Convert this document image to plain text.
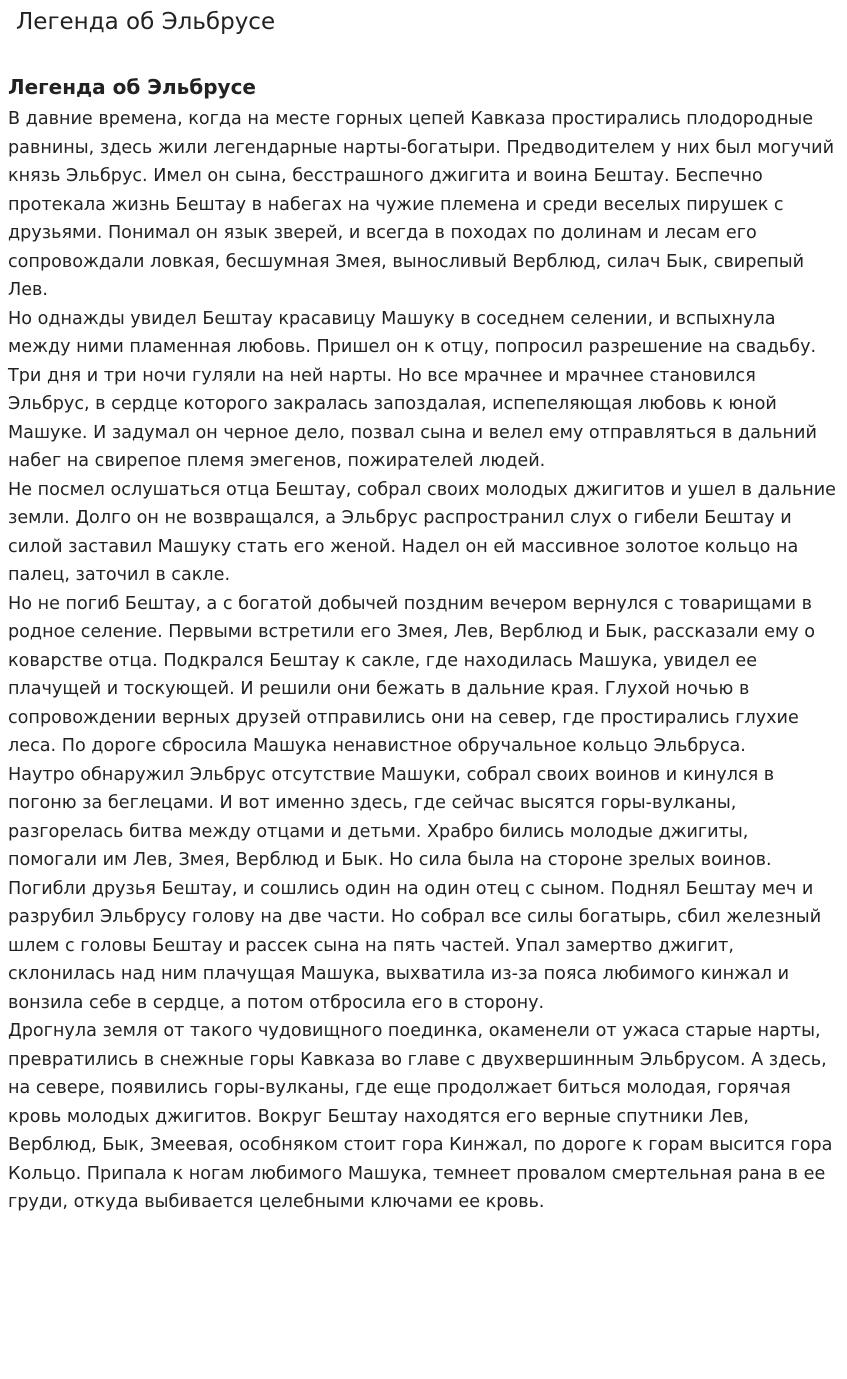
Легенда об Эльбрусе
Легенда об Эльбрусе

В давние времена, когда на месте горных цепей Кавказа простирались плодородные равнины, здесь жили легендарные нарты-богатыри. Предводителем у них был могучий князь Эльбрус. Имел он сына, бесстрашного джигита и воина Бештау. Беспечно протекала жизнь Бештау в набегах на чужие племена и среди веселых пирушек с друзьями. Понимал он язык зверей, и всегда в походах по долинам и лесам его сопровождали ловкая, бесшумная Змея, выносливый Верблюд, силач Бык, свирепый Лев.

Но однажды увидел Бештау красавицу Машуку в соседнем селении, и вспыхнула между ними пламенная любовь. Пришел он к отцу, попросил разрешение на свадьбу. Три дня и три ночи гуляли на ней нарты. Но все мрачнее и мрачнее становился Эльбрус, в сердце которого закралась запоздалая, испепеляющая любовь к юной Машуке. И задумал он черное дело, позвал сына и велел ему отправляться в дальний набег на свирепое племя эмегенов, пожирателей людей.

Не посмел ослушаться отца Бештау, собрал своих молодых джигитов и ушел в дальние земли. Долго он не возвращался, а Эльбрус распространил слух о гибели Бештау и силой заставил Машуку стать его женой. Надел он ей массивное золотое кольцо на палец, заточил в сакле.

Но не погиб Бештау, а с богатой добычей поздним вечером вернулся с товарищами в родное селение. Первыми встретили его Змея, Лев, Верблюд и Бык, рассказали ему о коварстве отца. Подкрался Бештау к сакле, где находилась Машука, увидел ее плачущей и тоскующей. И решили они бежать в дальние края. Глухой ночью в сопровождении верных друзей отправились они на север, где простирались глухие леса. По дороге сбросила Машука ненавистное обручальное кольцо Эльбруса.

Наутро обнаружил Эльбрус отсутствие Машуки, собрал своих воинов и кинулся в погоню за беглецами. И вот именно здесь, где сейчас высятся горы-вулканы, разгорелась битва между отцами и детьми. Храбро бились молодые джигиты, помогали им Лев, Змея, Верблюд и Бык. Но сила была на стороне зрелых воинов. Погибли друзья Бештау, и сошлись один на один отец с сыном. Поднял Бештау меч и разрубил Эльбрусу голову на две части. Но собрал все силы богатырь, сбил железный шлем с головы Бештау и рассек сына на пять частей. Упал замертво джигит, склонилась над ним плачущая Машука, выхватила из-за пояса любимого кинжал и вонзила себе в сердце, а потом отбросила его в сторону.

Дрогнула земля от такого чудовищного поединка, окаменели от ужаса старые нарты, превратились в снежные горы Кавказа во главе с двухвершинным Эльбрусом. А здесь, на севере, появились горы-вулканы, где еще продолжает биться молодая, горячая кровь молодых джигитов. Вокруг Бештау находятся его верные спутники Лев, Верблюд, Бык, Змеевая, особняком стоит гора Кинжал, по дороге к горам высится гора Кольцо. Припала к ногам любимого Машука, темнеет провалом смертельная рана в ее груди, откуда выбивается целебными ключами ее кровь.
